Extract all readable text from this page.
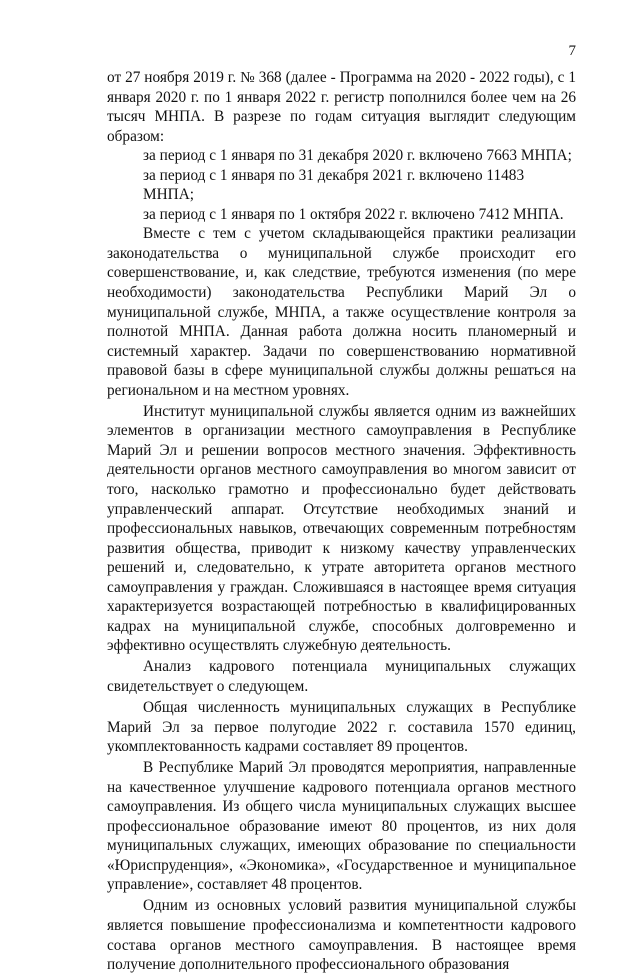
7

от 27 ноября 2019 г. № 368 (далее - Программа на 2020 - 2022 годы), с 1 января 2020 г. по 1 января 2022 г. регистр пополнился более чем на 26 тысяч МНПА. В разрезе по годам ситуация выглядит следующим образом:

за период с 1 января по 31 декабря 2020 г. включено 7663 МНПА;

за период с 1 января по 31 декабря 2021 г. включено 11483 МНПА;

за период с 1 января по 1 октября 2022 г. включено 7412 МНПА.

Вместе с тем с учетом складывающейся практики реализации законодательства о муниципальной службе происходит его совершенствование, и, как следствие, требуются изменения (по мере необходимости) законодательства Республики Марий Эл о муниципальной службе, МНПА, а также осуществление контроля за полнотой МНПА. Данная работа должна носить планомерный и системный характер. Задачи по совершенствованию нормативной правовой базы в сфере муниципальной службы должны решаться на региональном и на местном уровнях.

Институт муниципальной службы является одним из важнейших элементов в организации местного самоуправления в Республике Марий Эл и решении вопросов местного значения. Эффективность деятельности органов местного самоуправления во многом зависит от того, насколько грамотно и профессионально будет действовать управленческий аппарат. Отсутствие необходимых знаний и профессиональных навыков, отвечающих современным потребностям развития общества, приводит к низкому качеству управленческих решений и, следовательно, к утрате авторитета органов местного самоуправления у граждан. Сложившаяся в настоящее время ситуация характеризуется возрастающей потребностью в квалифицированных кадрах на муниципальной службе, способных долговременно и эффективно осуществлять служебную деятельность.

Анализ кадрового потенциала муниципальных служащих свидетельствует о следующем.

Общая численность муниципальных служащих в Республике Марий Эл за первое полугодие 2022 г. составила 1570 единиц, укомплектованность кадрами составляет 89 процентов.

В Республике Марий Эл проводятся мероприятия, направленные на качественное улучшение кадрового потенциала органов местного самоуправления. Из общего числа муниципальных служащих высшее профессиональное образование имеют 80 процентов, из них доля муниципальных служащих, имеющих образование по специальности «Юриспруденция», «Экономика», «Государственное и муниципальное управление», составляет 48 процентов.

Одним из основных условий развития муниципальной службы является повышение профессионализма и компетентности кадрового состава органов местного самоуправления. В настоящее время получение дополнительного профессионального образования
